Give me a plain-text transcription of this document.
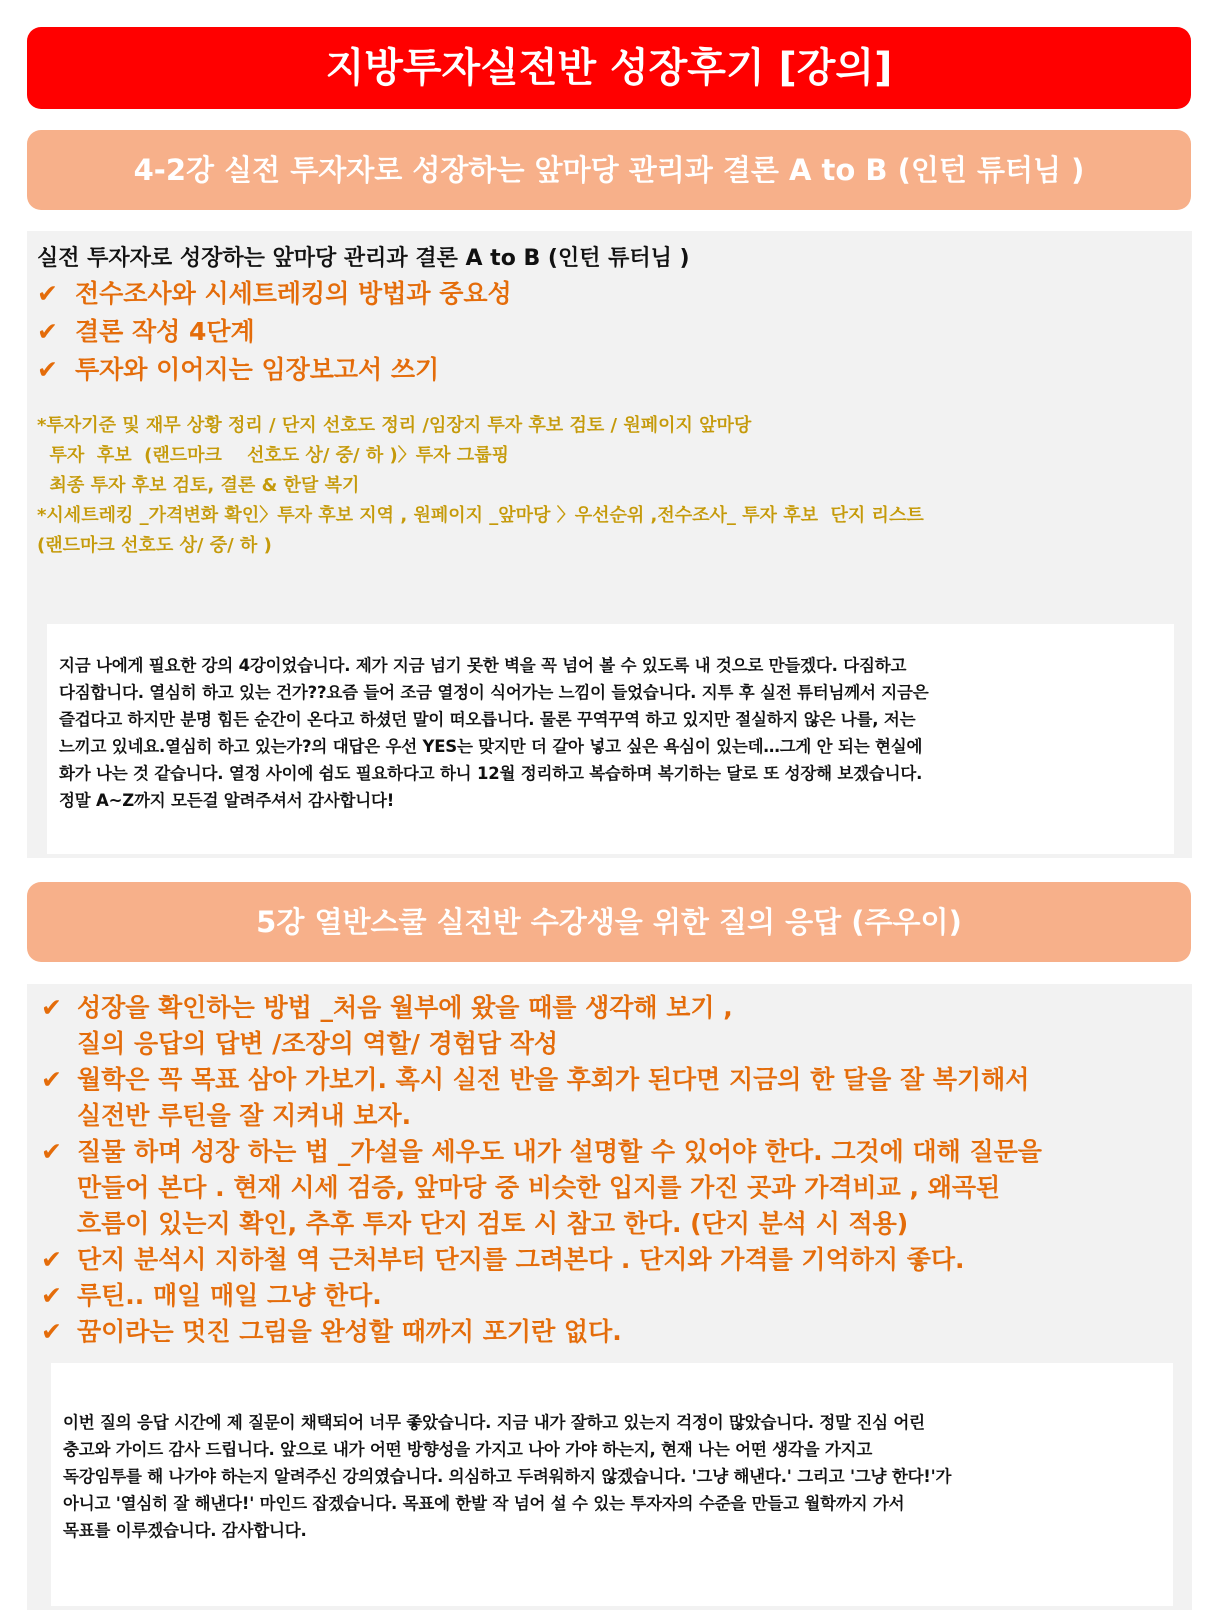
지방투자실전반 성장후기 [강의]
4-2강 실전 투자자로 성장하는 앞마당 관리과 결론 A to B (인턴 튜터님 )
실전 투자자로 성장하는 앞마당 관리과 결론 A to B (인턴 튜터님 )
✔ 전수조사와 시세트레킹의 방법과 중요성
✔ 결론 작성 4단계
✔ 투자와 이어지는 임장보고서 쓰기
*투자기준 및 재무 상황 정리 / 단지 선호도 정리 /임장지 투자 후보 검토 / 원페이지 앞마당
투자  후보  (랜드마크    선호도 상/ 중/ 하 )〉투자 그룹핑
최종 투자 후보 검토, 결론 & 한달 복기
*시세트레킹 _가격변화 확인〉투자 후보 지역 , 원페이지 _앞마당 〉우선순위 ,전수조사_ 투자 후보  단지 리스트
(랜드마크 선호도 상/ 중/ 하 )
지금 나에게 필요한 강의 4강이었습니다. 제가 지금 넘기 못한 벽을 꼭 넘어 볼 수 있도록 내 것으로 만들겠다. 다짐하고
다짐합니다. 열심히 하고 있는 건가??요즘 들어 조금 열정이 식어가는 느낌이 들었습니다. 지투 후 실전 튜터님께서 지금은
즐겁다고 하지만 분명 힘든 순간이 온다고 하셨던 말이 떠오릅니다. 물론 꾸역꾸역 하고 있지만 절실하지 않은 나를, 저는
느끼고 있네요.열심히 하고 있는가?의 대답은 우선 YES는 맞지만 더 갈아 넣고 싶은 욕심이 있는데…그게 안 되는 현실에
화가 나는 것 같습니다. 열정 사이에 쉼도 필요하다고 하니 12월 정리하고 복습하며 복기하는 달로 또 성장해 보겠습니다.
정말 A~Z까지 모든걸 알려주셔서 감사합니다!
5강 열반스쿨 실전반 수강생을 위한 질의 응답 (주우이)
✔ 성장을 확인하는 방법 _처음 월부에 왔을 때를 생각해 보기 ,
질의 응답의 답변 /조장의 역할/ 경험담 작성
✔ 월학은 꼭 목표 삼아 가보기. 혹시 실전 반을 후회가 된다면 지금의 한 달을 잘 복기해서
실전반 루틴을 잘 지켜내 보자.
✔ 질물 하며 성장 하는 법 _가설을 세우도 내가 설명할 수 있어야 한다. 그것에 대해 질문을
만들어 본다 . 현재 시세 검증, 앞마당 중 비슷한 입지를 가진 곳과 가격비교 , 왜곡된
흐름이 있는지 확인, 추후 투자 단지 검토 시 참고 한다. (단지 분석 시 적용)
✔ 단지 분석시 지하철 역 근처부터 단지를 그려본다 . 단지와 가격를 기억하지 좋다.
✔ 루틴.. 매일 매일 그냥 한다.
✔ 꿈이라는 멋진 그림을 완성할 때까지 포기란 없다.
이번 질의 응답 시간에 제 질문이 채택되어 너무 좋았습니다. 지금 내가 잘하고 있는지 걱정이 많았습니다. 정말 진심 어린
충고와 가이드 감사 드립니다. 앞으로 내가 어떤 방향성을 가지고 나아 가야 하는지, 현재 나는 어떤 생각을 가지고
독강임투를 해 나가야 하는지 알려주신 강의였습니다. 의심하고 두려워하지 않겠습니다. '그냥 해낸다.' 그리고 '그냥 한다!'가
아니고 '열심히 잘 해낸다!' 마인드 잡겠습니다. 목표에 한발 작 넘어 설 수 있는 투자자의 수준을 만들고 월학까지 가서
목표를 이루겠습니다. 감사합니다.
